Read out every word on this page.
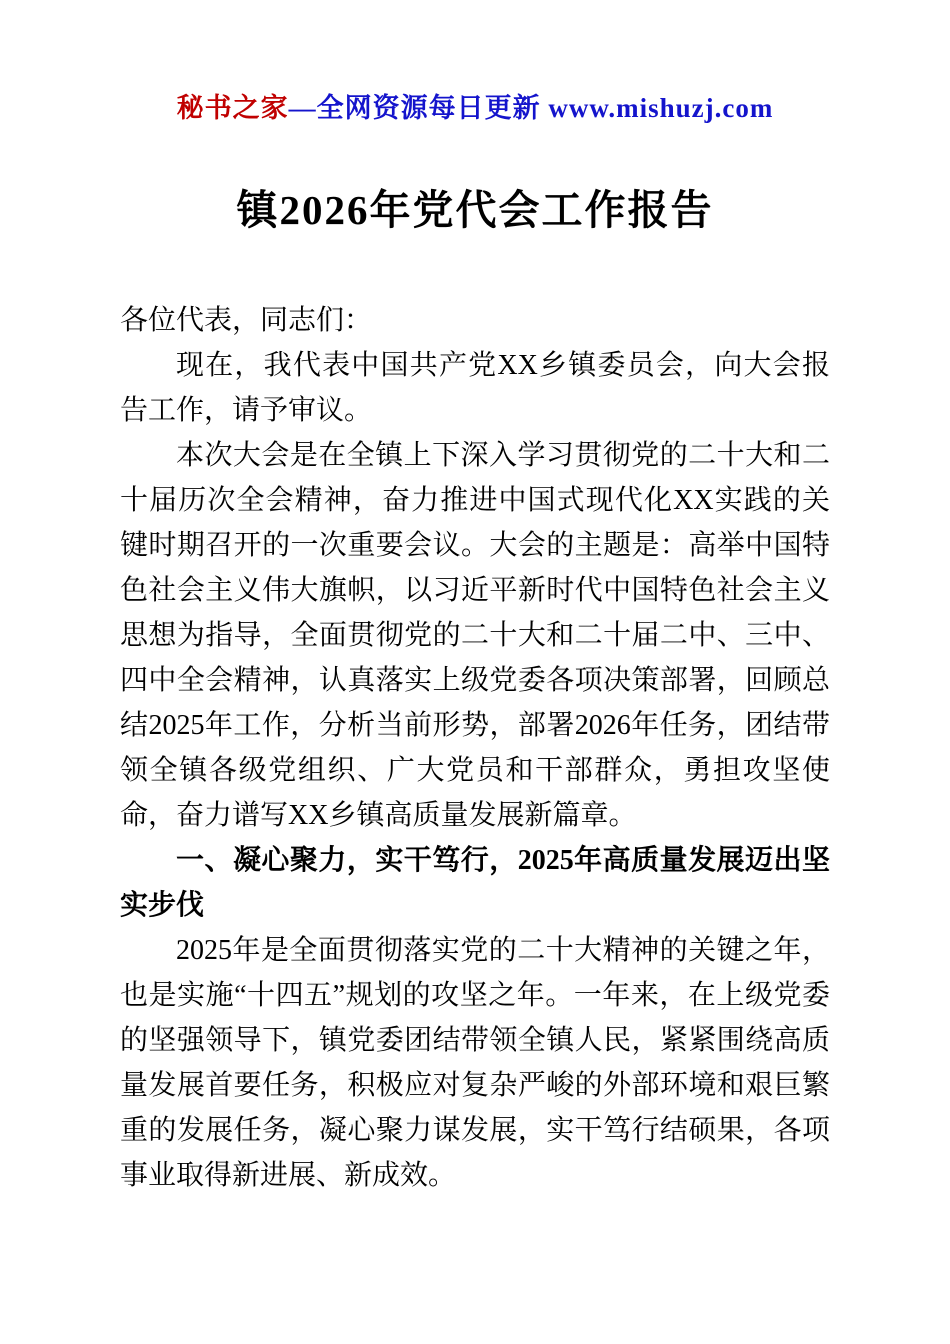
秘书之家—全网资源每日更新 www.mishuzj.com
镇2026年党代会工作报告

各位代表，同志们：

现在，我代表中国共产党XX乡镇委员会，向大会报告工作，请予审议。

本次大会是在全镇上下深入学习贯彻党的二十大和二十届历次全会精神，奋力推进中国式现代化XX实践的关键时期召开的一次重要会议。大会的主题是：高举中国特色社会主义伟大旗帜，以习近平新时代中国特色社会主义思想为指导，全面贯彻党的二十大和二十届二中、三中、四中全会精神，认真落实上级党委各项决策部署，回顾总结2025年工作，分析当前形势，部署2026年任务，团结带领全镇各级党组织、广大党员和干部群众，勇担攻坚使命，奋力谱写XX乡镇高质量发展新篇章。

一、凝心聚力，实干笃行，2025年高质量发展迈出坚实步伐

2025年是全面贯彻落实党的二十大精神的关键之年，也是实施“十四五”规划的攻坚之年。一年来，在上级党委的坚强领导下，镇党委团结带领全镇人民，紧紧围绕高质量发展首要任务，积极应对复杂严峻的外部环境和艰巨繁重的发展任务，凝心聚力谋发展，实干笃行结硕果，各项事业取得新进展、新成效。
